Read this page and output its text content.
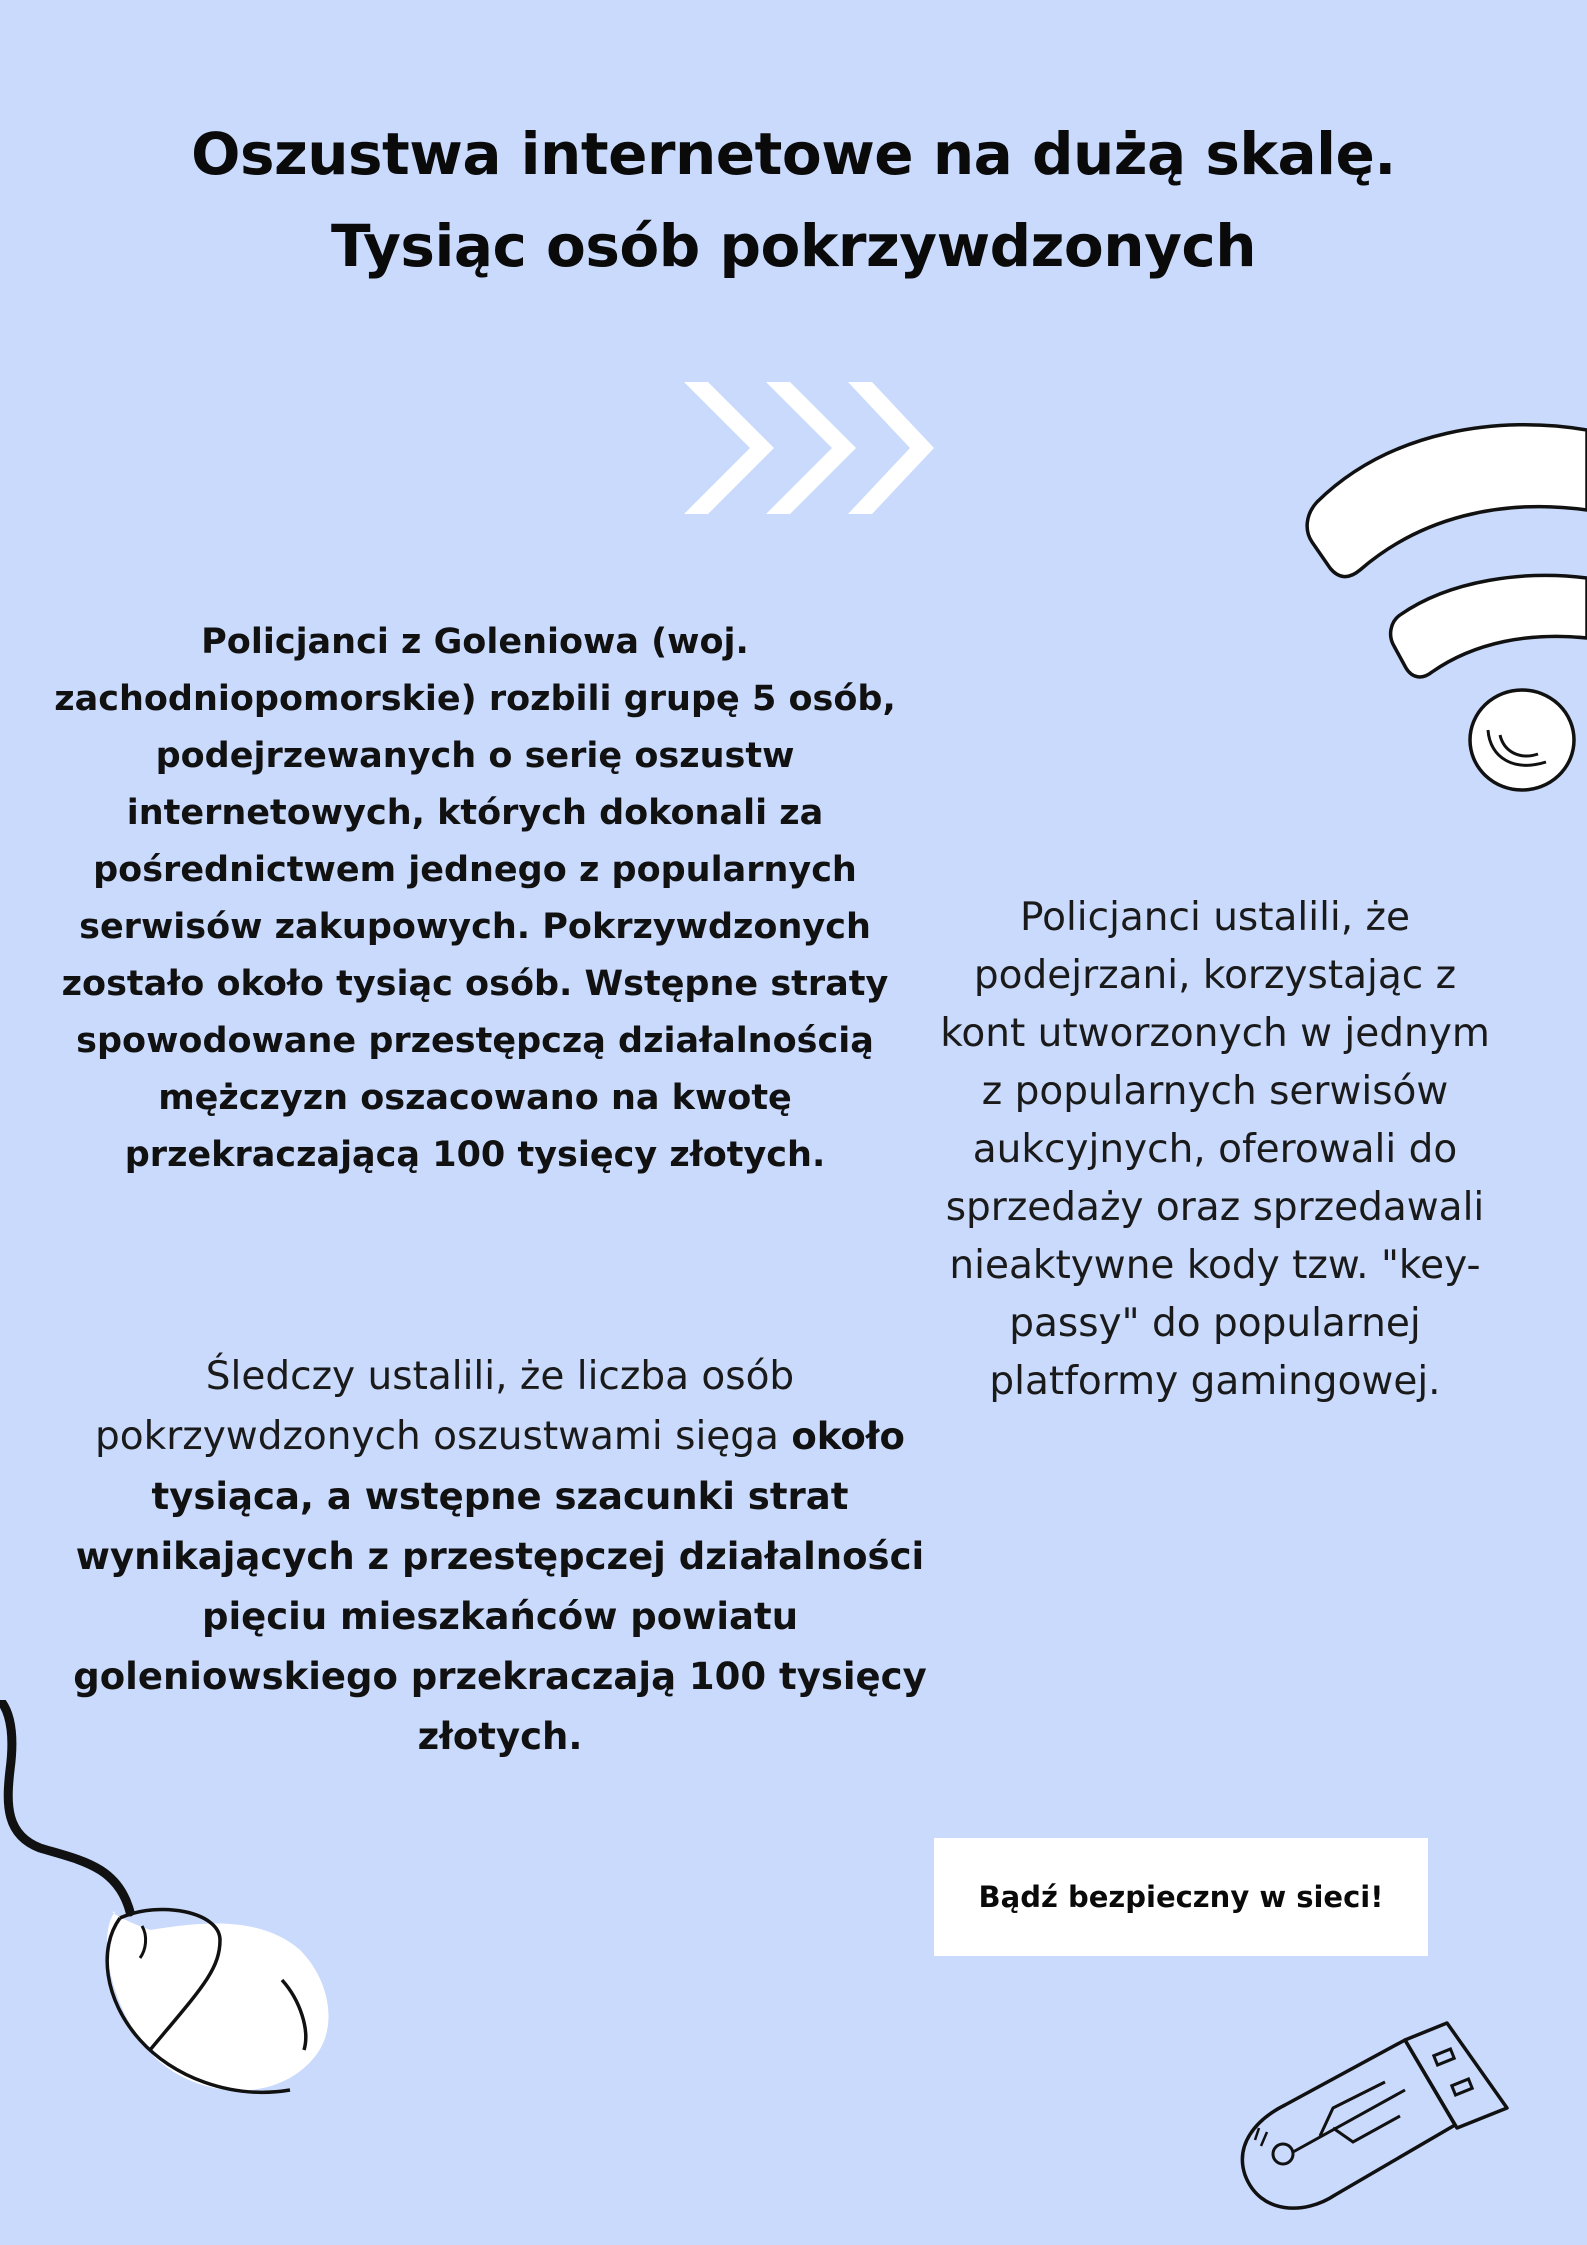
Oszustwa internetowe na dużą skalę.
Tysiąc osób pokrzywdzonych

Policjanci z Goleniowa (woj. zachodniopomorskie) rozbili grupę 5 osób, podejrzewanych o serię oszustw internetowych, których dokonali za pośrednictwem jednego z popularnych serwisów zakupowych. Pokrzywdzonych zostało około tysiąc osób. Wstępne straty spowodowane przestępczą działalnością mężczyzn oszacowano na kwotę przekraczającą 100 tysięcy złotych.

Policjanci ustalili, że podejrzani, korzystając z kont utworzonych w jednym z popularnych serwisów aukcyjnych, oferowali do sprzedaży oraz sprzedawali nieaktywne kody tzw. "key-passy" do popularnej platformy gamingowej.

Śledczy ustalili, że liczba osób pokrzywdzonych oszustwami sięga około tysiąca, a wstępne szacunki strat wynikających z przestępczej działalności pięciu mieszkańców powiatu goleniowskiego przekraczają 100 tysięcy złotych.

Bądź bezpieczny w sieci!
